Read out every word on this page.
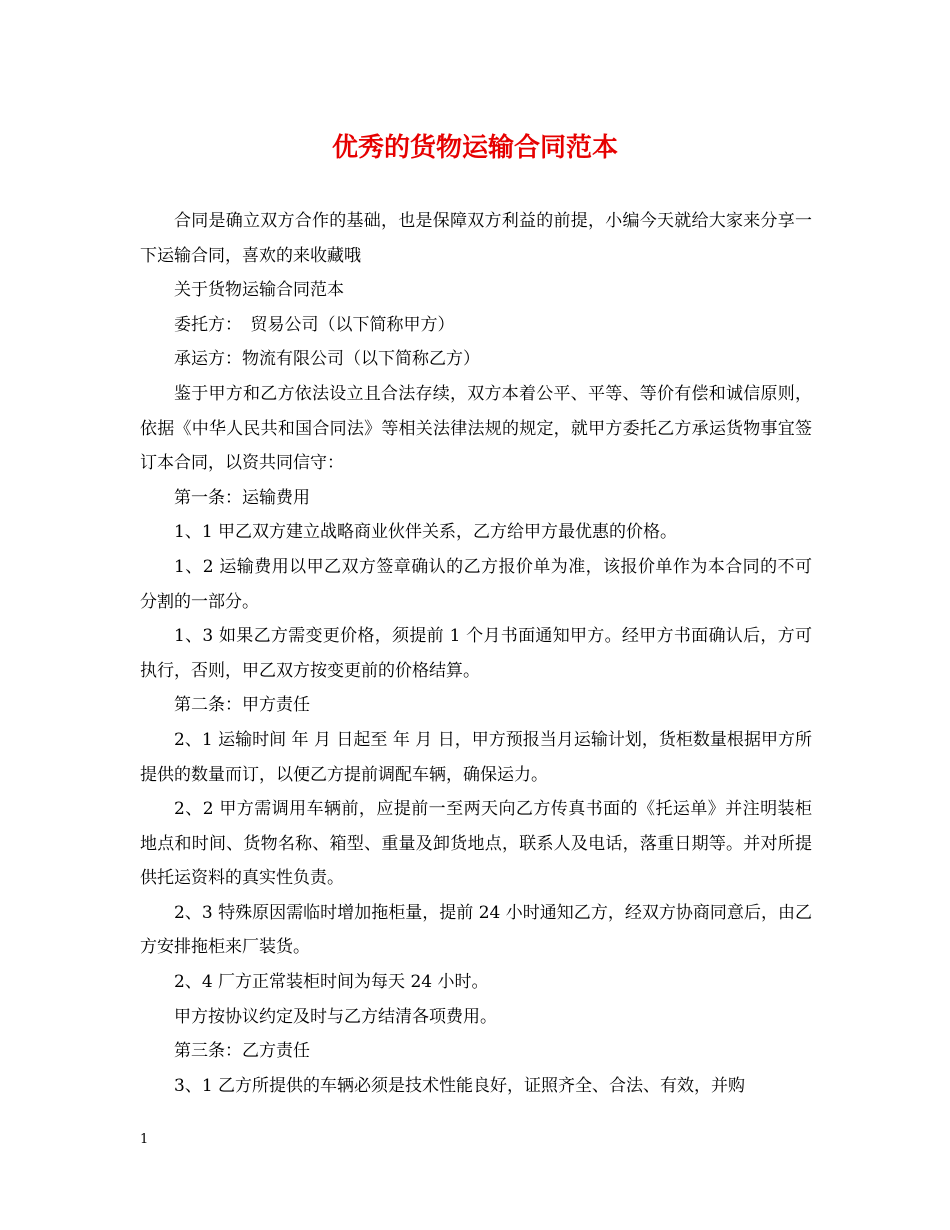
优秀的货物运输合同范本

合同是确立双方合作的基础，也是保障双方利益的前提，小编今天就给大家来分享一下运输合同，喜欢的来收藏哦

关于货物运输合同范本

委托方：　贸易公司（以下简称甲方）

承运方：物流有限公司（以下简称乙方）

鉴于甲方和乙方依法设立且合法存续，双方本着公平、平等、等价有偿和诚信原则，依据《中华人民共和国合同法》等相关法律法规的规定，就甲方委托乙方承运货物事宜签订本合同，以资共同信守：

第一条：运输费用

1、1 甲乙双方建立战略商业伙伴关系，乙方给甲方最优惠的价格。

1、2 运输费用以甲乙双方签章确认的乙方报价单为准，该报价单作为本合同的不可分割的一部分。

1、3 如果乙方需变更价格，须提前 1 个月书面通知甲方。经甲方书面确认后，方可执行，否则，甲乙双方按变更前的价格结算。

第二条：甲方责任

2、1 运输时间 年 月 日起至 年 月 日，甲方预报当月运输计划，货柜数量根据甲方所提供的数量而订，以便乙方提前调配车辆，确保运力。

2、2 甲方需调用车辆前，应提前一至两天向乙方传真书面的《托运单》并注明装柜地点和时间、货物名称、箱型、重量及卸货地点，联系人及电话，落重日期等。并对所提供托运资料的真实性负责。

2、3 特殊原因需临时增加拖柜量，提前 24 小时通知乙方，经双方协商同意后，由乙方安排拖柜来厂装货。

2、4 厂方正常装柜时间为每天 24 小时。

甲方按协议约定及时与乙方结清各项费用。

第三条：乙方责任

3、1 乙方所提供的车辆必须是技术性能良好，证照齐全、合法、有效，并购

1
